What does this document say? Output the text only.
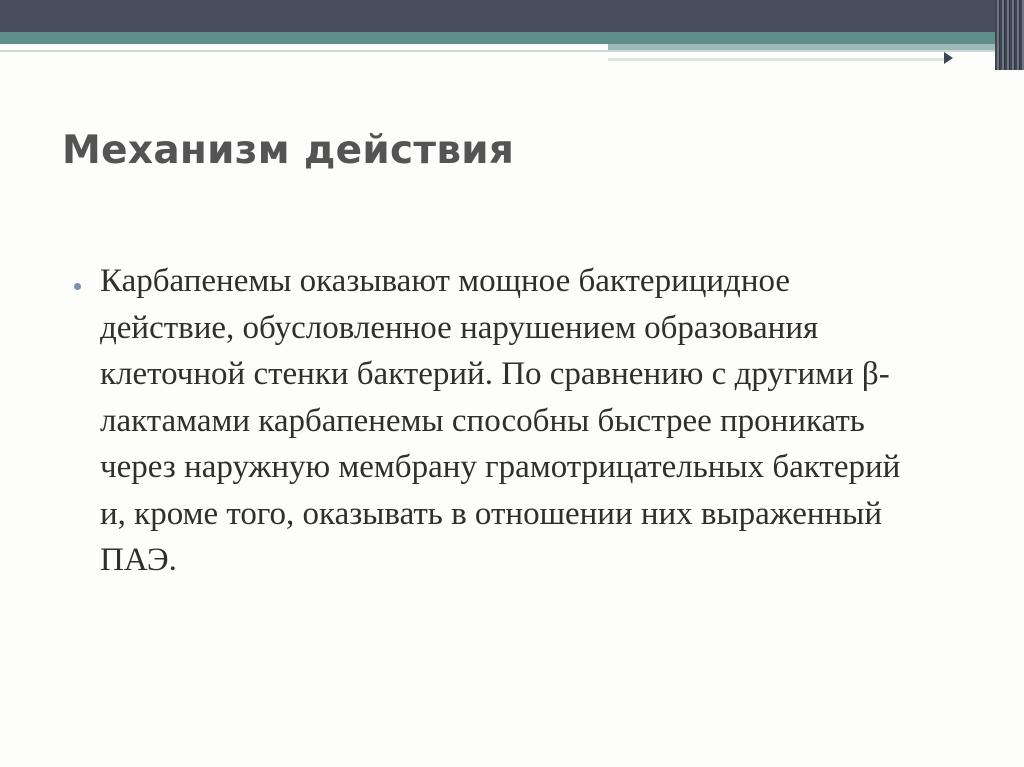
Механизм действия

Карбапенемы оказывают мощное бактерицидное действие, обусловленное нарушением образования клеточной стенки бактерий. По сравнению с другими β-лактамами карбапенемы способны быстрее проникать через наружную мембрану грамотрицательных бактерий и, кроме того, оказывать в отношении них выраженный ПАЭ.
